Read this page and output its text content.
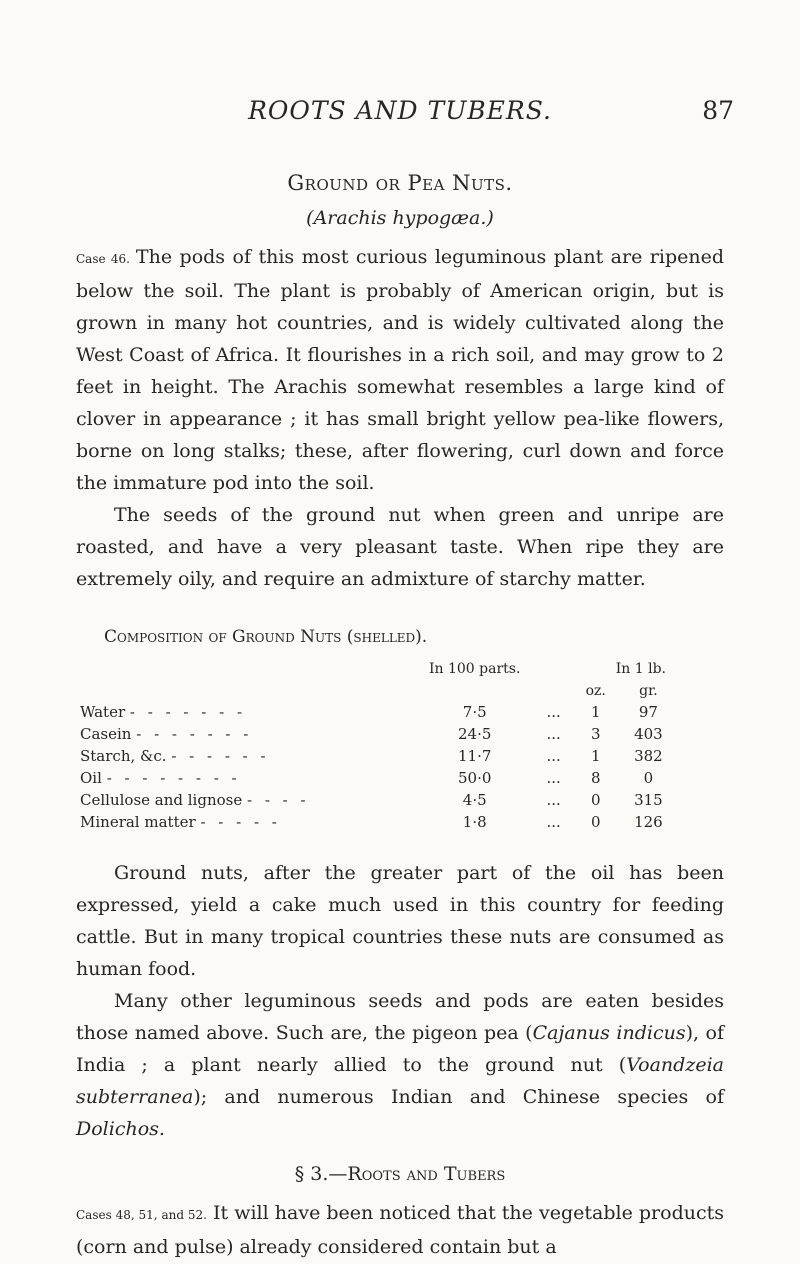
ROOTS AND TUBERS.	87
Ground or Pea Nuts.
(Arachis hypogæa.)

Case 46. The pods of this most curious leguminous plant are ripened below the soil. The plant is probably of American origin, but is grown in many hot countries, and is widely cultivated along the West Coast of Africa. It flourishes in a rich soil, and may grow to 2 feet in height. The Arachis somewhat resembles a large kind of clover in appearance ; it has small bright yellow pea-like flowers, borne on long stalks; these, after flowering, curl down and force the immature pod into the soil.

The seeds of the ground nut when green and unripe are roasted, and have a very pleasant taste. When ripe they are extremely oily, and require an admixture of starchy matter.

Composition of Ground Nuts (shelled).
	In 100 parts.	In 1 lb.		
			oz.	gr.
Water - - - - - - -	7·5	...	1	97
Casein - - - - - - -	24·5	...	3	403
Starch, &c. - - - - - -	11·7	...	1	382
Oil - - - - - - - -	50·0	...	8	0
Cellulose and lignose - - - -	4·5	...	0	315
Mineral matter - - - - -	1·8	...	0	126

Ground nuts, after the greater part of the oil has been expressed, yield a cake much used in this country for feeding cattle. But in many tropical countries these nuts are consumed as human food.

Many other leguminous seeds and pods are eaten besides those named above. Such are, the pigeon pea (Cajanus indicus), of India ; a plant nearly allied to the ground nut (Voandzeia subterranea); and numerous Indian and Chinese species of Dolichos.

§ 3.—Roots and Tubers

Cases 48, 51, and 52. It will have been noticed that the vegetable products (corn and pulse) already considered contain but a
